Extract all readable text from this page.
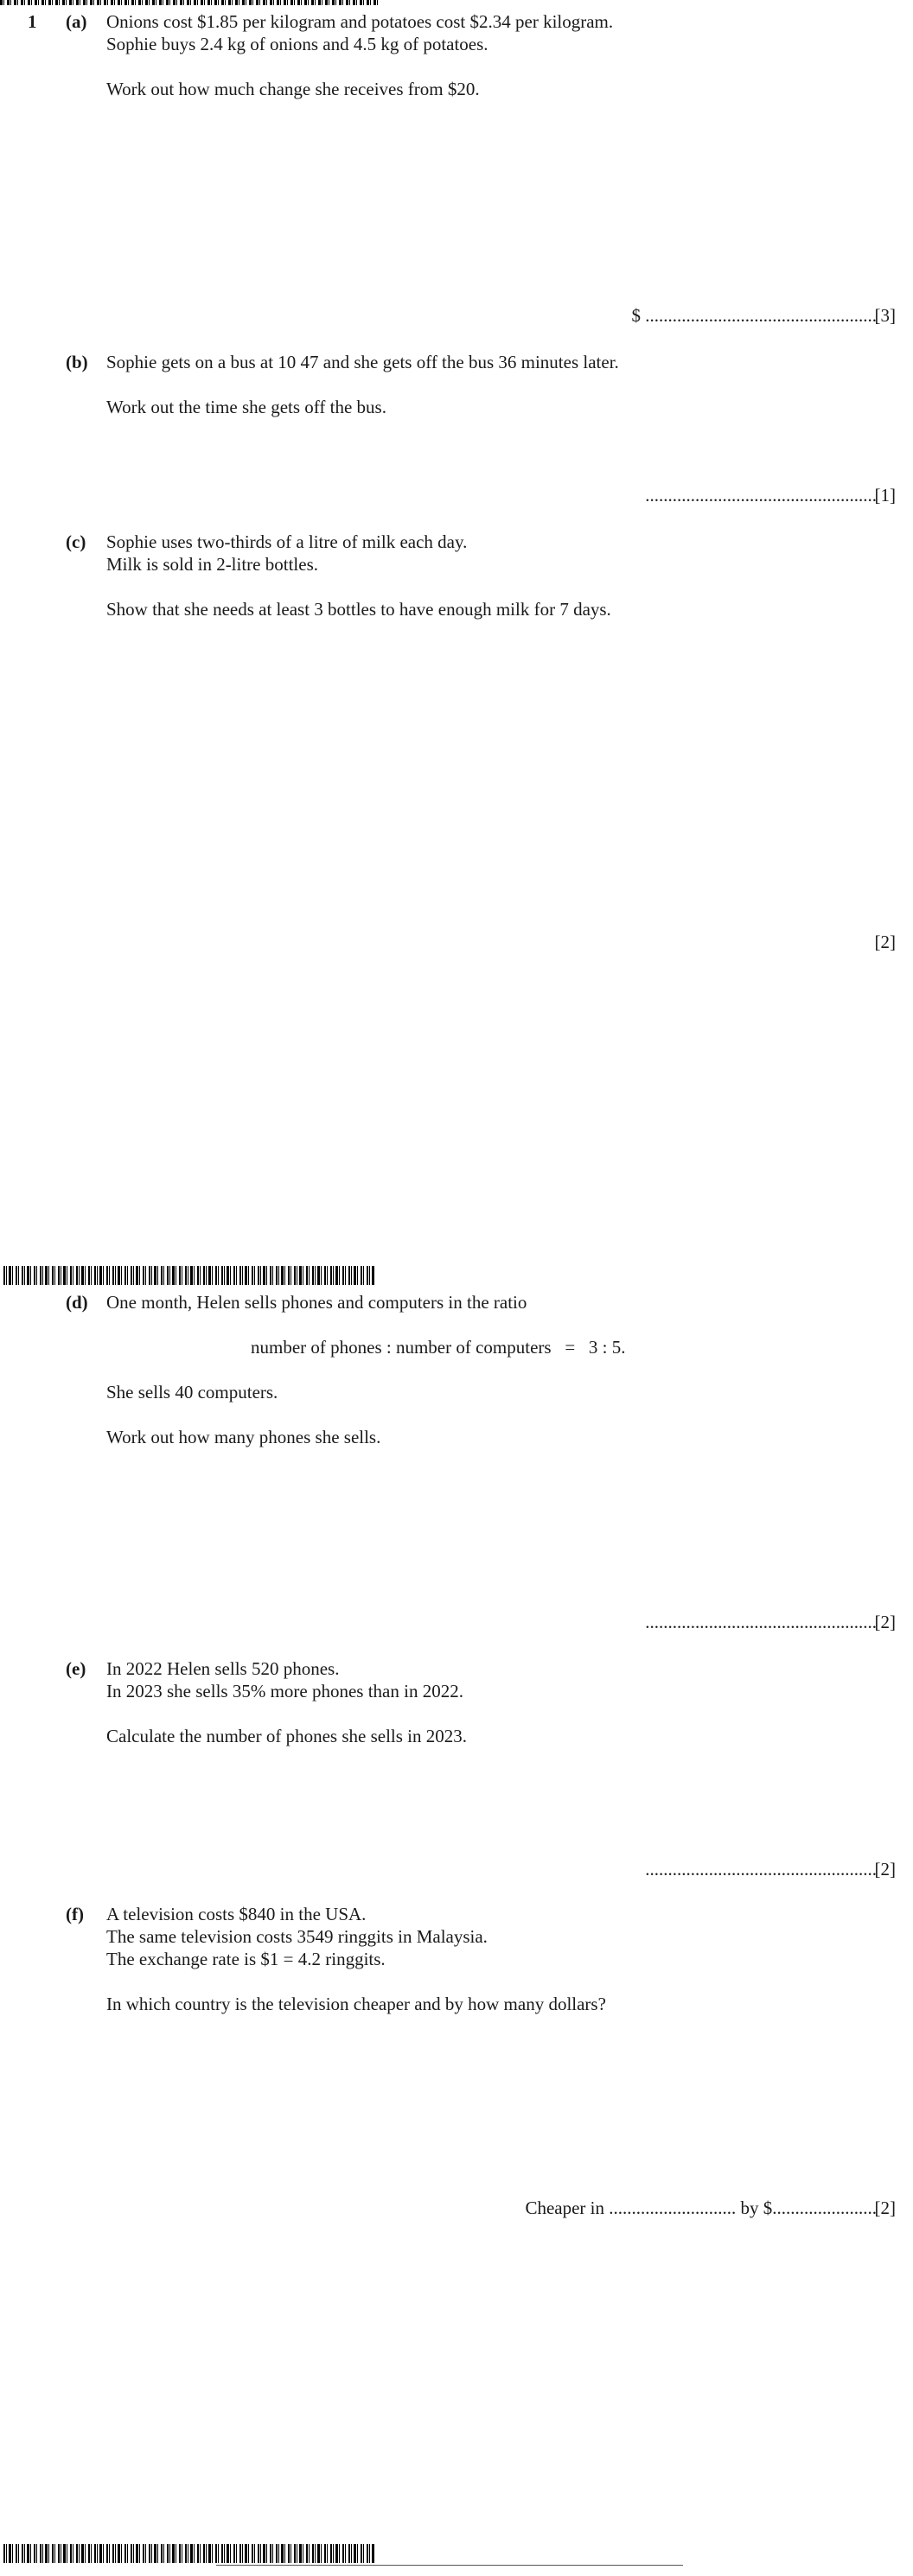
1 (a) Onions cost $1.85 per kilogram and potatoes cost $2.34 per kilogram.
Sophie buys 2.4 kg of onions and 4.5 kg of potatoes.
Work out how much change she receives from $20.
$ ...................................................
[3]
(b) Sophie gets on a bus at 10 47 and she gets off the bus 36 minutes later.
Work out the time she gets off the bus.
...................................................
[1]
(c) Sophie uses two-thirds of a litre of milk each day.
Milk is sold in 2-litre bottles.
Show that she needs at least 3 bottles to have enough milk for 7 days.
[2]
(d) One month, Helen sells phones and computers in the ratio
number of phones : number of computers   =   3 : 5.
She sells 40 computers.
Work out how many phones she sells.
...................................................
[2]
(e) In 2022 Helen sells 520 phones.
In 2023 she sells 35% more phones than in 2022.
Calculate the number of phones she sells in 2023.
...................................................
[2]
(f) A television costs $840 in the USA.
The same television costs 3549 ringgits in Malaysia.
The exchange rate is $1 = 4.2 ringgits.
In which country is the television cheaper and by how many dollars?
Cheaper in ............................ by $.......................
[2]
